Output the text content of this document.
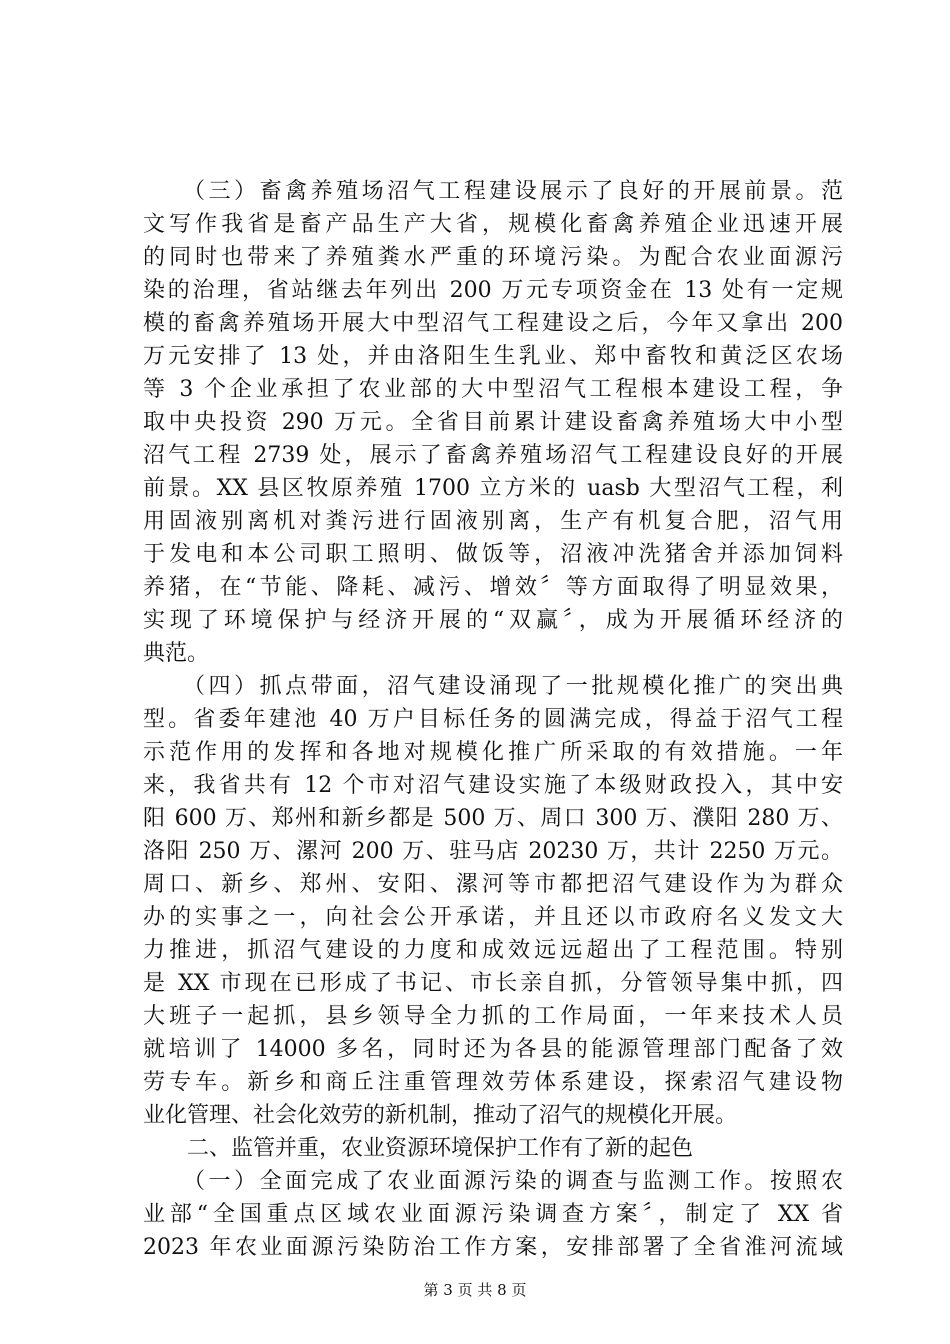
　　（三）畜禽养殖场沼气工程建设展示了良好的开展前景。范
文写作我省是畜产品生产大省，规模化畜禽养殖企业迅速开展
的同时也带来了养殖粪水严重的环境污染。为配合农业面源污
染的治理，省站继去年列出 200 万元专项资金在 13 处有一定规
模的畜禽养殖场开展大中型沼气工程建设之后，今年又拿出 200
万元安排了 13 处，并由洛阳生生乳业、郑中畜牧和黄泛区农场
等 3 个企业承担了农业部的大中型沼气工程根本建设工程，争
取中央投资 290 万元。全省目前累计建设畜禽养殖场大中小型
沼气工程 2739 处，展示了畜禽养殖场沼气工程建设良好的开展
前景。XX 县区牧原养殖 1700 立方米的 uasb 大型沼气工程，利
用固液别离机对粪污进行固液别离，生产有机复合肥，沼气用
于发电和本公司职工照明、做饭等，沼液冲洗猪舍并添加饲料
养猪，在“节能、降耗、减污、增效〞等方面取得了明显效果，
实现了环境保护与经济开展的“双赢〞，成为开展循环经济的
典范。
　　（四）抓点带面，沼气建设涌现了一批规模化推广的突出典
型。省委年建池 40 万户目标任务的圆满完成，得益于沼气工程
示范作用的发挥和各地对规模化推广所采取的有效措施。一年
来，我省共有 12 个市对沼气建设实施了本级财政投入，其中安
阳 600 万、郑州和新乡都是 500 万、周口 300 万、濮阳 280 万、
洛阳 250 万、漯河 200 万、驻马店 20230 万，共计 2250 万元。
周口、新乡、郑州、安阳、漯河等市都把沼气建设作为为群众
办的实事之一，向社会公开承诺，并且还以市政府名义发文大
力推进，抓沼气建设的力度和成效远远超出了工程范围。特别
是 XX 市现在已形成了书记、市长亲自抓，分管领导集中抓，四
大班子一起抓，县乡领导全力抓的工作局面，一年来技术人员
就培训了 14000 多名，同时还为各县的能源管理部门配备了效
劳专车。新乡和商丘注重管理效劳体系建设，探索沼气建设物
业化管理、社会化效劳的新机制，推动了沼气的规模化开展。
　　二、监管并重，农业资源环境保护工作有了新的起色
　　（一）全面完成了农业面源污染的调查与监测工作。按照农
业部“全国重点区域农业面源污染调查方案〞，制定了 XX 省
2023 年农业面源污染防治工作方案，安排部署了全省淮河流域
第 3 页 共 8 页
